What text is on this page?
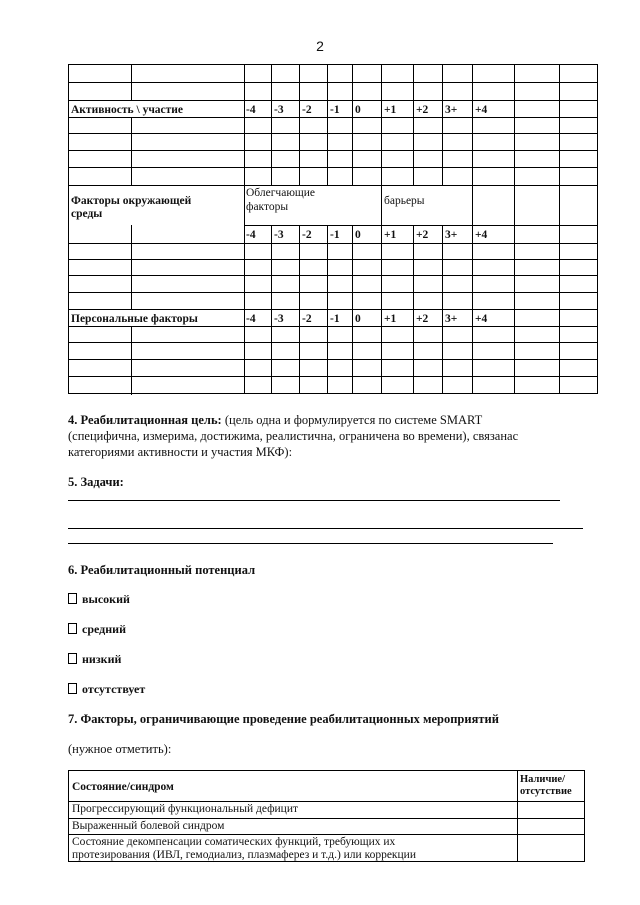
2
Активность \ участие
Факторы окружающей
среды
Облегчающие
факторы	барьеры
Персональные факторы
-4 -3 -2 -1 0 +1 +2 3+ +4
-4 -3 -2 -1 0 +1 +2 3+ +4
-4 -3 -2 -1 0 +1 +2 3+ +4
4. Реабилитационная цель: (цель одна и формулируется по системе SMART
(специфична, измерима, достижима, реалистична, ограничена во времени), связанас
категориями активности и участия МКФ):
5. Задачи:
6. Реабилитационный потенциал
высокий
средний
низкий
отсутствует
7. Факторы, ограничивающие проведение реабилитационных мероприятий
(нужное отметить):
Состояние/синдром
Наличие/
отсутствие
Прогрессирующий функциональный дефицит
Выраженный болевой синдром
Состояние декомпенсации соматических функций, требующих их
протезирования (ИВЛ, гемодиализ, плазмаферез и т.д.) или коррекции
